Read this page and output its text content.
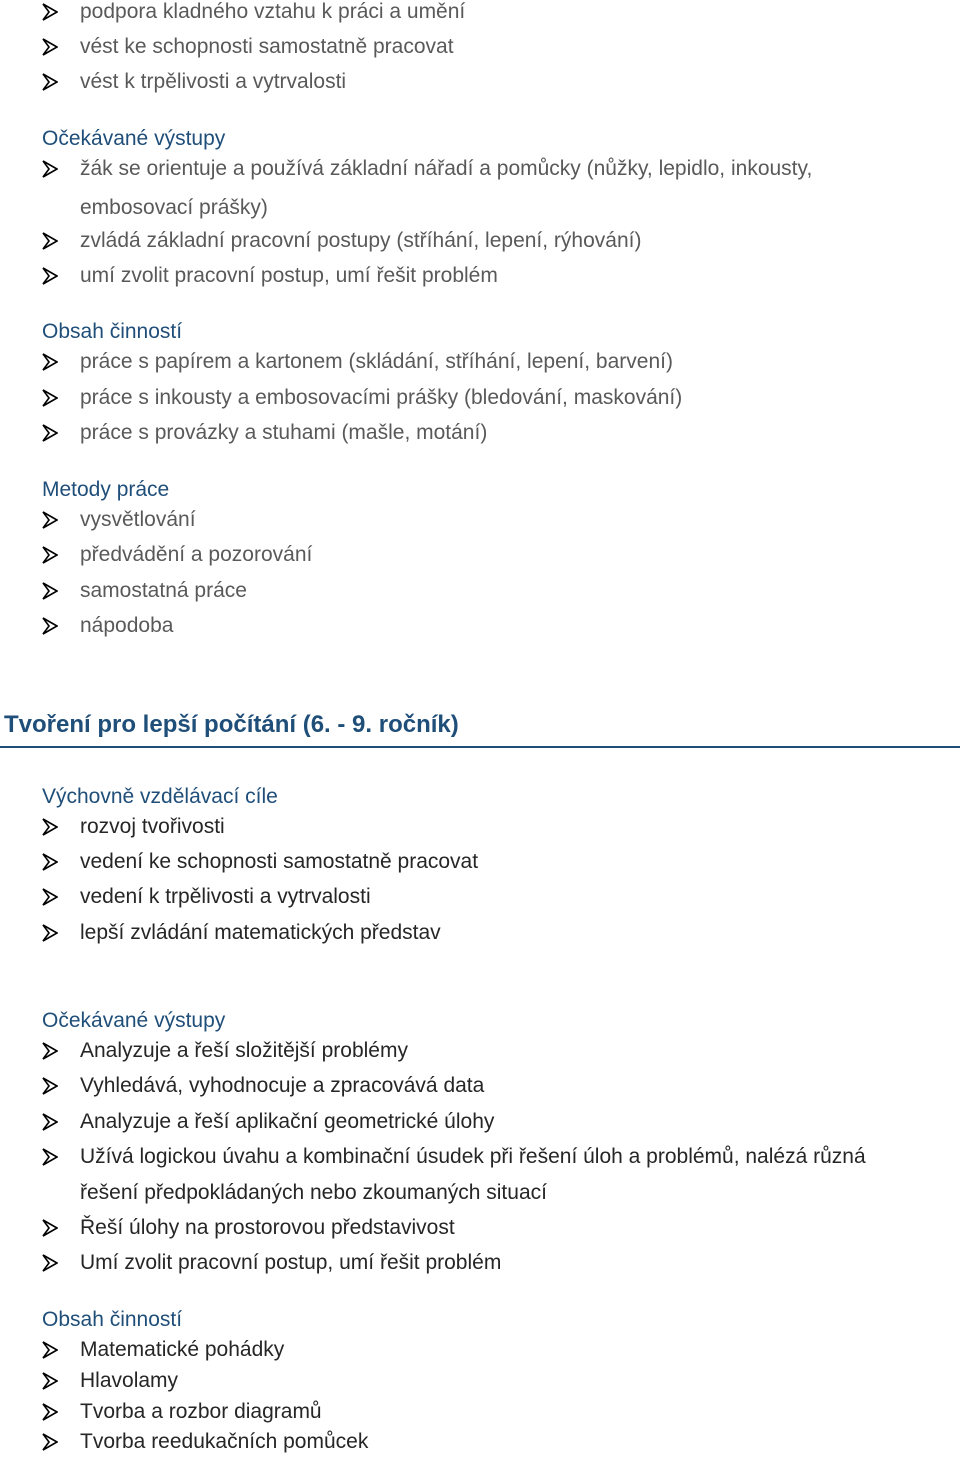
podpora kladného vztahu k práci a umění
vést ke schopnosti samostatně pracovat
vést k trpělivosti a vytrvalosti
Očekávané výstupy
žák se orientuje a používá základní nářadí a pomůcky (nůžky, lepidlo, inkousty,
embosovací prášky)
zvládá základní pracovní postupy (stříhání, lepení, rýhování)
umí zvolit pracovní postup, umí řešit problém
Obsah činností
práce s papírem a kartonem (skládání, stříhání, lepení, barvení)
práce s inkousty a embosovacími prášky (bledování, maskování)
práce s provázky a stuhami (mašle, motání)
Metody práce
vysvětlování
předvádění a pozorování
samostatná práce
nápodoba
Tvoření pro lepší počítání (6. - 9. ročník)
Výchovně vzdělávací cíle
rozvoj tvořivosti
vedení ke schopnosti samostatně pracovat
vedení k trpělivosti a vytrvalosti
lepší zvládání matematických představ
Očekávané výstupy
Analyzuje a řeší složitější problémy
Vyhledává, vyhodnocuje a zpracovává data
Analyzuje a řeší aplikační geometrické úlohy
Užívá logickou úvahu a kombinační úsudek při řešení úloh a problémů, nalézá různá
řešení předpokládaných nebo zkoumaných situací
Řeší úlohy na prostorovou představivost
Umí zvolit pracovní postup, umí řešit problém
Obsah činností
Matematické pohádky
Hlavolamy
Tvorba a rozbor diagramů
Tvorba reedukačních pomůcek
